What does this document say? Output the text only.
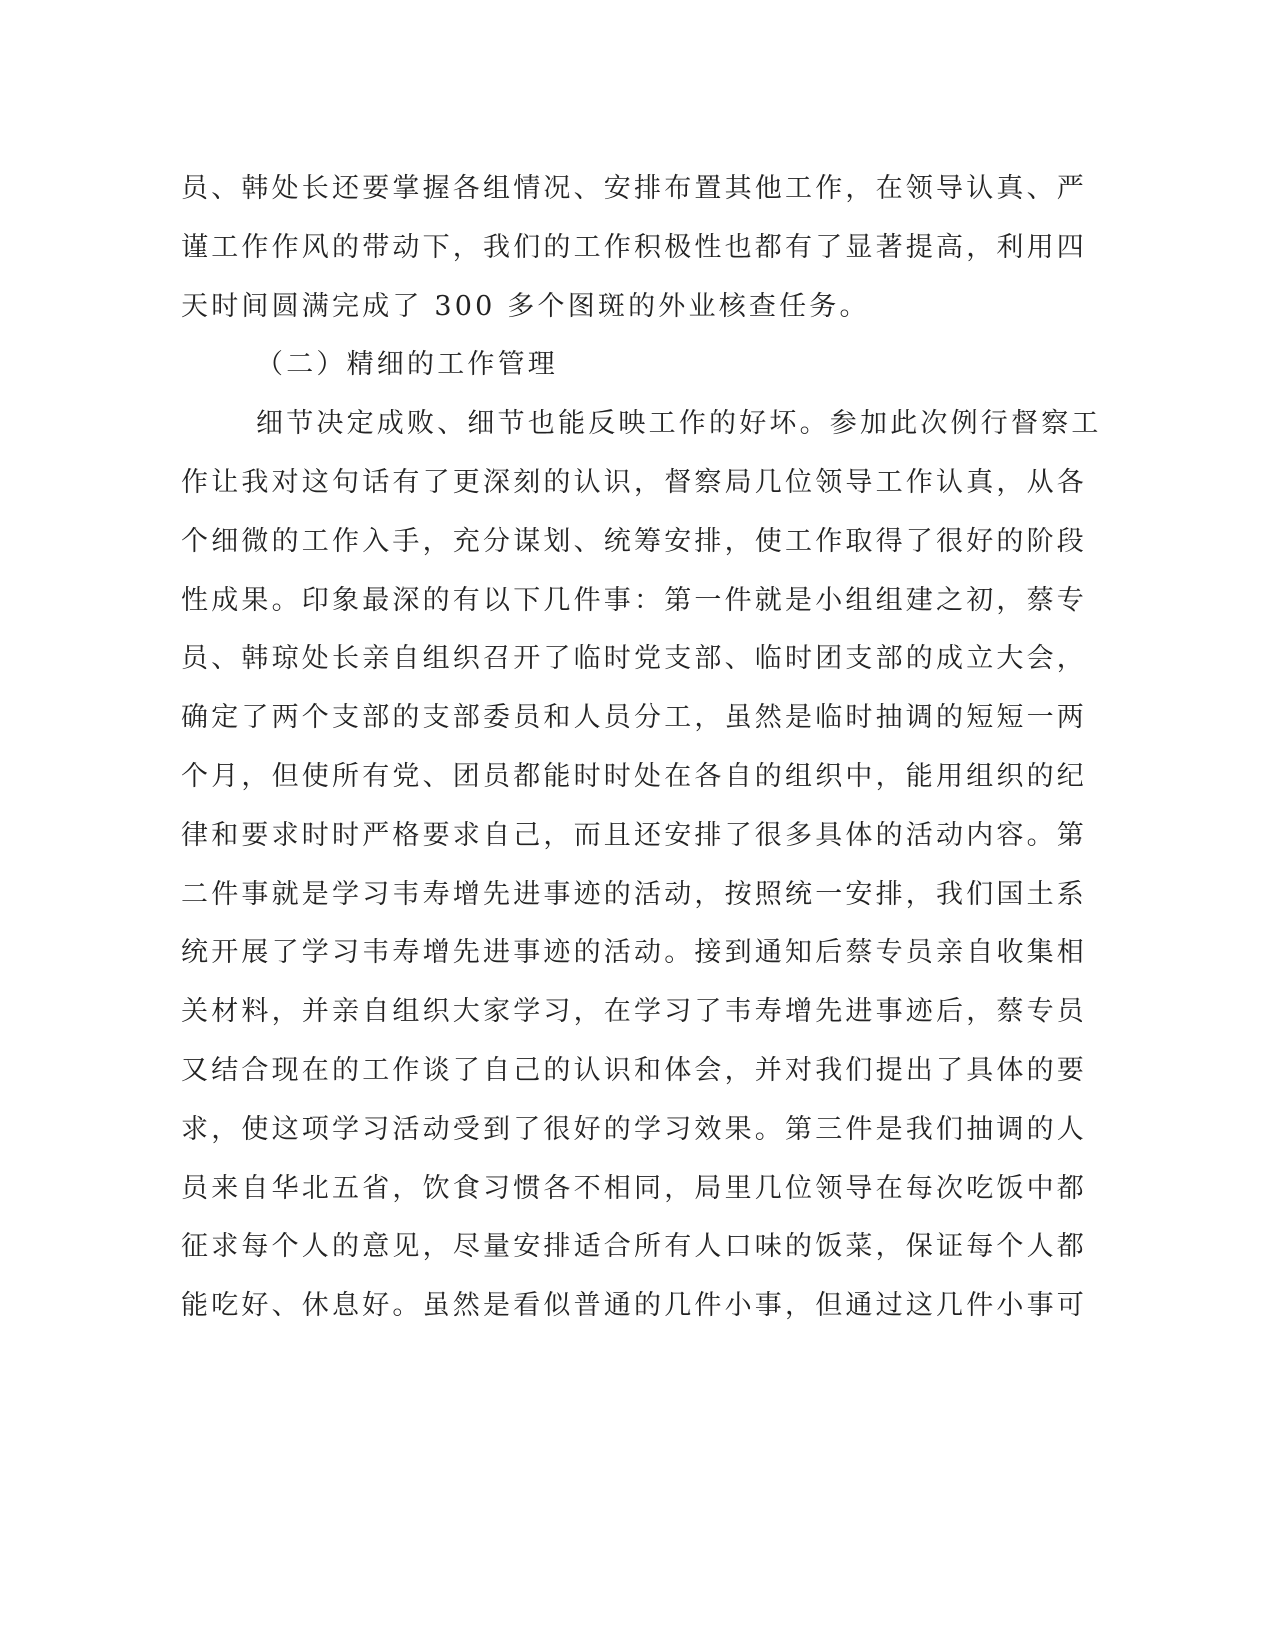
员、韩处长还要掌握各组情况、安排布置其他工作，在领导认真、严
谨工作作风的带动下，我们的工作积极性也都有了显著提高，利用四
天时间圆满完成了 300 多个图斑的外业核查任务。
（二）精细的工作管理
细节决定成败、细节也能反映工作的好坏。参加此次例行督察工
作让我对这句话有了更深刻的认识，督察局几位领导工作认真，从各
个细微的工作入手，充分谋划、统筹安排，使工作取得了很好的阶段
性成果。印象最深的有以下几件事：第一件就是小组组建之初，蔡专
员、韩琼处长亲自组织召开了临时党支部、临时团支部的成立大会，
确定了两个支部的支部委员和人员分工，虽然是临时抽调的短短一两
个月，但使所有党、团员都能时时处在各自的组织中，能用组织的纪
律和要求时时严格要求自己，而且还安排了很多具体的活动内容。第
二件事就是学习韦寿增先进事迹的活动，按照统一安排，我们国土系
统开展了学习韦寿增先进事迹的活动。接到通知后蔡专员亲自收集相
关材料，并亲自组织大家学习，在学习了韦寿增先进事迹后，蔡专员
又结合现在的工作谈了自己的认识和体会，并对我们提出了具体的要
求，使这项学习活动受到了很好的学习效果。第三件是我们抽调的人
员来自华北五省，饮食习惯各不相同，局里几位领导在每次吃饭中都
征求每个人的意见，尽量安排适合所有人口味的饭菜，保证每个人都
能吃好、休息好。虽然是看似普通的几件小事，但通过这几件小事可
